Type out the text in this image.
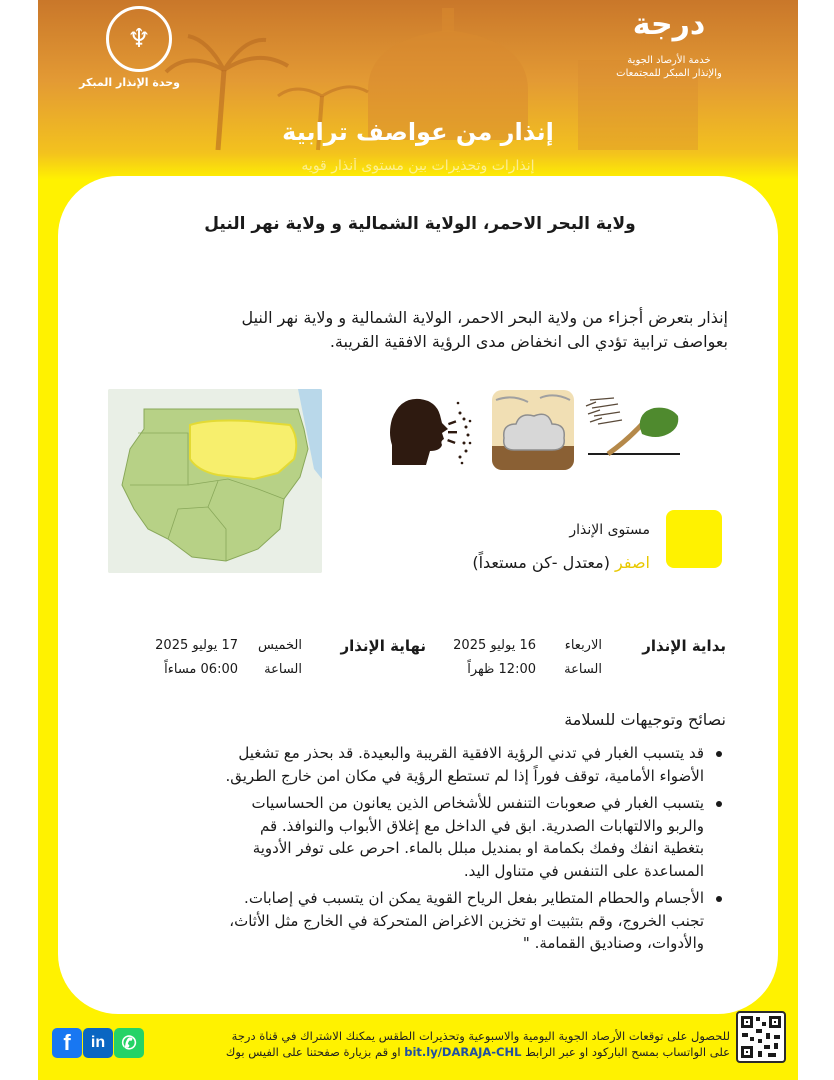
♆
وحدة الإنذار المبكر
درجة
خدمة الأرصاد الجوية
والإنذار المبكر للمجتمعات
إنذار من عواصف ترابية
إنذارات وتحذيرات بين مستوى أنذار قويه
ولاية البحر الاحمر، الولاية الشمالية و ولاية نهر النيل
إنذار بتعرض أجزاء من ولاية البحر الاحمر، الولاية الشمالية و ولاية نهر النيل
بعواصف ترابية تؤدي الى انخفاض مدى الرؤية الافقية القريبة.
مستوى الإنذار
اصفر (معتدل -كن مستعداً)
بداية الإنذار
الاربعاء
16 يوليو 2025
الساعة
12:00 ظهراً
نهاية الإنذار
الخميس
17 يوليو 2025
الساعة
06:00 مساءاً
نصائح وتوجيهات للسلامة
قد يتسبب الغبار في تدني الرؤية الافقية القريبة والبعيدة. قد بحذر مع تشغيل
الأضواء الأمامية، توقف فوراً إذا لم تستطع الرؤية في مكان امن خارج الطريق.
يتسبب الغبار في صعوبات التنفس للأشخاص الذين يعانون من الحساسيات
والربو والالتهابات الصدرية. ابق في الداخل مع إغلاق الأبواب والنوافذ. قم
بتغطية انفك وفمك بكمامة او بمنديل مبلل بالماء. احرص على توفر الأدوية
المساعدة على التنفس في متناول اليد.
الأجسام والحطام المتطاير بفعل الرياح القوية يمكن ان يتسبب في إصابات.
تجنب الخروج، وقم بتثبيت او تخزين الاغراض المتحركة في الخارج مثل الأثاث،
والأدوات، وصناديق القمامة. "
للحصول على توقعات الأرصاد الجوية اليومية والاسبوعية وتحذيرات الطقس يمكنك الاشتراك في قناة درجة
على الواتساب بمسح الباركود او عبر الرابط bit.ly/DARAJA-CHL او قم بزيارة صفحتنا على الفيس بوك
✆
in
f
